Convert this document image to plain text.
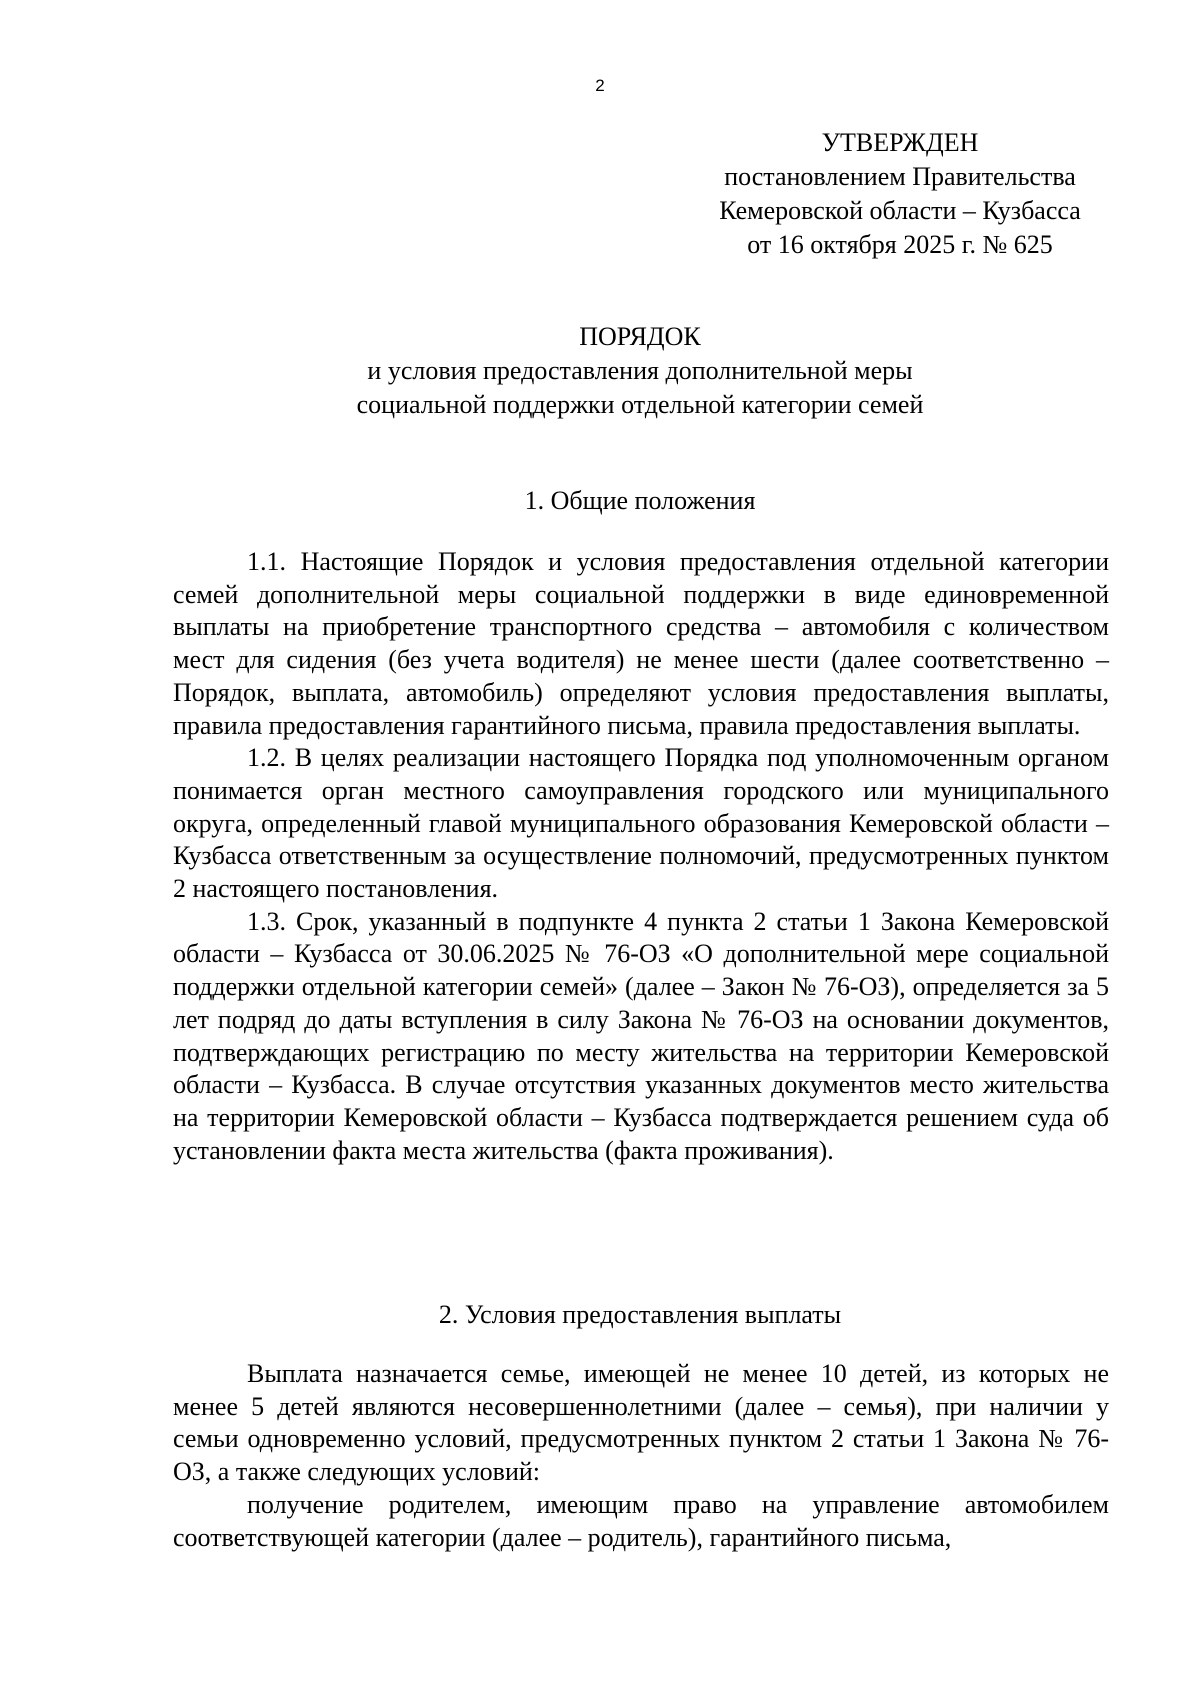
2
УТВЕРЖДЕН
постановлением Правительства
Кемеровской области – Кузбасса
от 16 октября 2025 г. № 625
ПОРЯДОК
и условия предоставления дополнительной меры
социальной поддержки отдельной категории семей
1. Общие положения

1.1. Настоящие Порядок и условия предоставления отдельной категории семей дополнительной меры социальной поддержки в виде единовременной выплаты на приобретение транспортного средства – автомобиля с количеством мест для сидения (без учета водителя) не менее шести (далее соответственно – Порядок, выплата, автомобиль) определяют условия предоставления выплаты, правила предоставления гарантийного письма, правила предоставления выплаты.

1.2. В целях реализации настоящего Порядка под уполномоченным органом понимается орган местного самоуправления городского или муниципального округа, определенный главой муниципального образования Кемеровской области – Кузбасса ответственным за осуществление полномочий, предусмотренных пунктом 2 настоящего постановления.

1.3. Срок, указанный в подпункте 4 пункта 2 статьи 1 Закона Кемеровской области – Кузбасса от 30.06.2025 № 76-ОЗ «О дополнительной мере социальной поддержки отдельной категории семей» (далее – Закон № 76-ОЗ), определяется за 5 лет подряд до даты вступления в силу Закона № 76-ОЗ на основании документов, подтверждающих регистрацию по месту жительства на территории Кемеровской области – Кузбасса. В случае отсутствия указанных документов место жительства на территории Кемеровской области – Кузбасса подтверждается решением суда об установлении факта места жительства (факта проживания).

2. Условия предоставления выплаты

Выплата назначается семье, имеющей не менее 10 детей, из которых не менее 5 детей являются несовершеннолетними (далее – семья), при наличии у семьи одновременно условий, предусмотренных пунктом 2 статьи 1 Закона № 76-ОЗ, а также следующих условий:

получение родителем, имеющим право на управление автомобилем соответствующей категории (далее – родитель), гарантийного письма,
